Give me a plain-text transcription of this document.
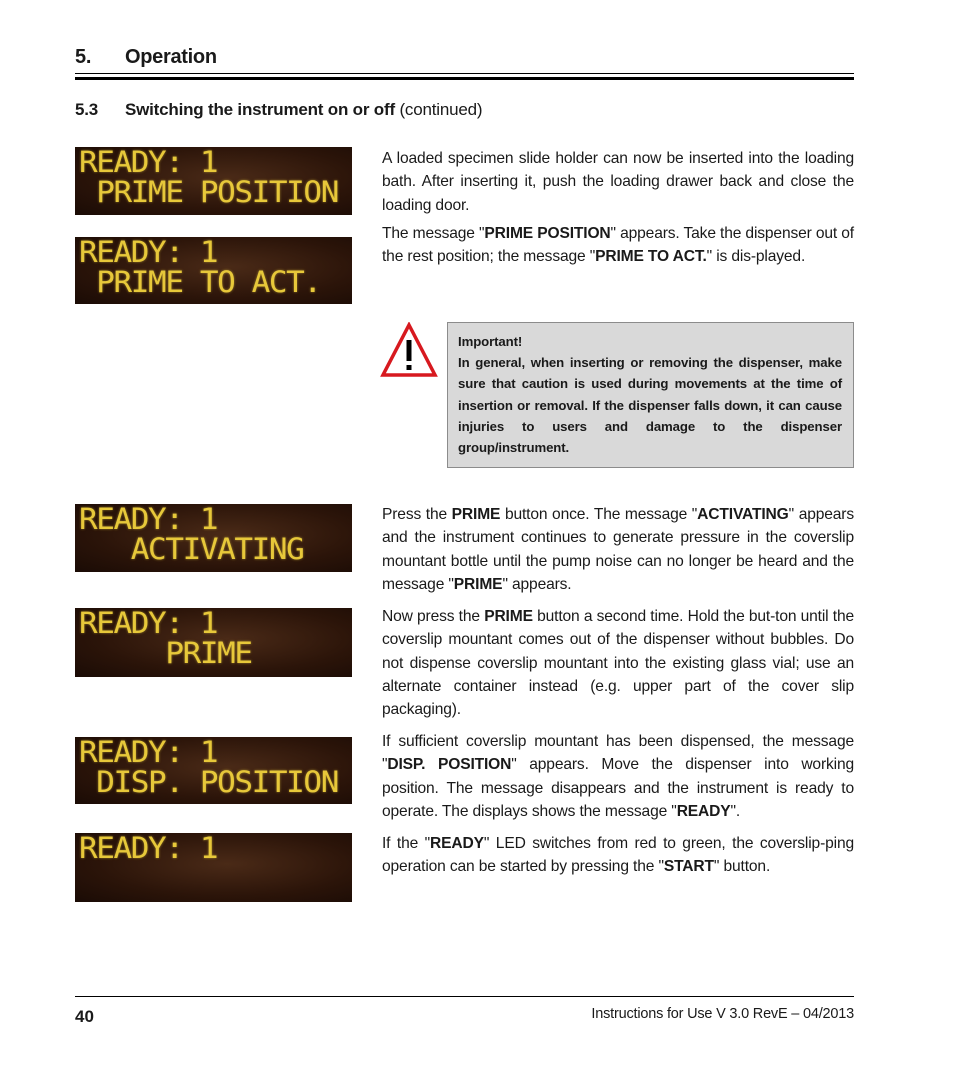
5. Operation
5.3 Switching the instrument on or off (continued)
READY: 1
PRIME POSITION
READY: 1
PRIME TO ACT.
READY: 1
ACTIVATING
READY: 1
PRIME
READY: 1
DISP. POSITION
READY: 1

A loaded specimen slide holder can now be inserted into the loading bath. After inserting it, push the loading drawer back and close the loading door.

The message "PRIME POSITION" appears. Take the dispenser out of the rest position; the message "PRIME TO ACT." is dis-played.

Important!

In general, when inserting or removing the dispenser, make sure that caution is used during movements at the time of insertion or removal. If the dispenser falls down, it can cause injuries to users and damage to the dispenser group/instrument.

Press the PRIME button once. The message "ACTIVATING" appears and the instrument continues to generate pressure in the coverslip mountant bottle until the pump noise can no longer be heard and the message "PRIME" appears.

Now press the PRIME button a second time. Hold the but-ton until the coverslip mountant comes out of the dispenser without bubbles. Do not dispense coverslip mountant into the existing glass vial; use an alternate container instead (e.g. upper part of the cover slip packaging).

If sufficient coverslip mountant has been dispensed, the message "DISP. POSITION" appears. Move the dispenser into working position. The message disappears and the instrument is ready to operate. The displays shows the message "READY".

If the "READY" LED switches from red to green, the coverslip-ping operation can be started by pressing the "START" button.

40	Instructions for Use V 3.0 RevE – 04/2013
